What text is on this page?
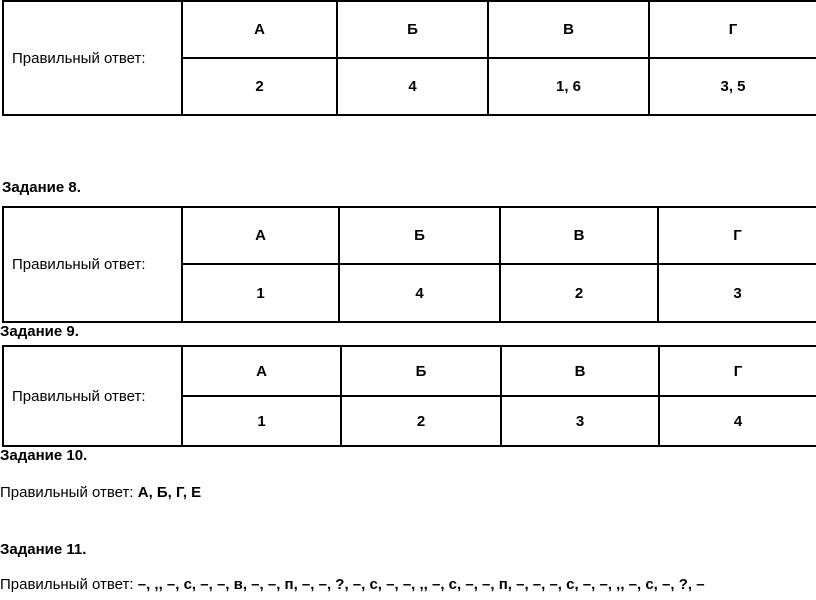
Правильный ответ:	А	Б	В	Г
	2	4	1, 6	3, 5
Задание 8.
Правильный ответ:	А	Б	В	Г
	1	4	2	3
Задание 9.
Правильный ответ:	А	Б	В	Г
	1	2	3	4
Задание 10.
Правильный ответ: А, Б, Г, Е
Задание 11.
Правильный ответ: –, ,, –, с, –, –, в, –, –, п, –, –, ?, –, с, –, –, ,, –, с, –, –, п, –, –, –, с, –, –, ,, –, с, –, ?, –
